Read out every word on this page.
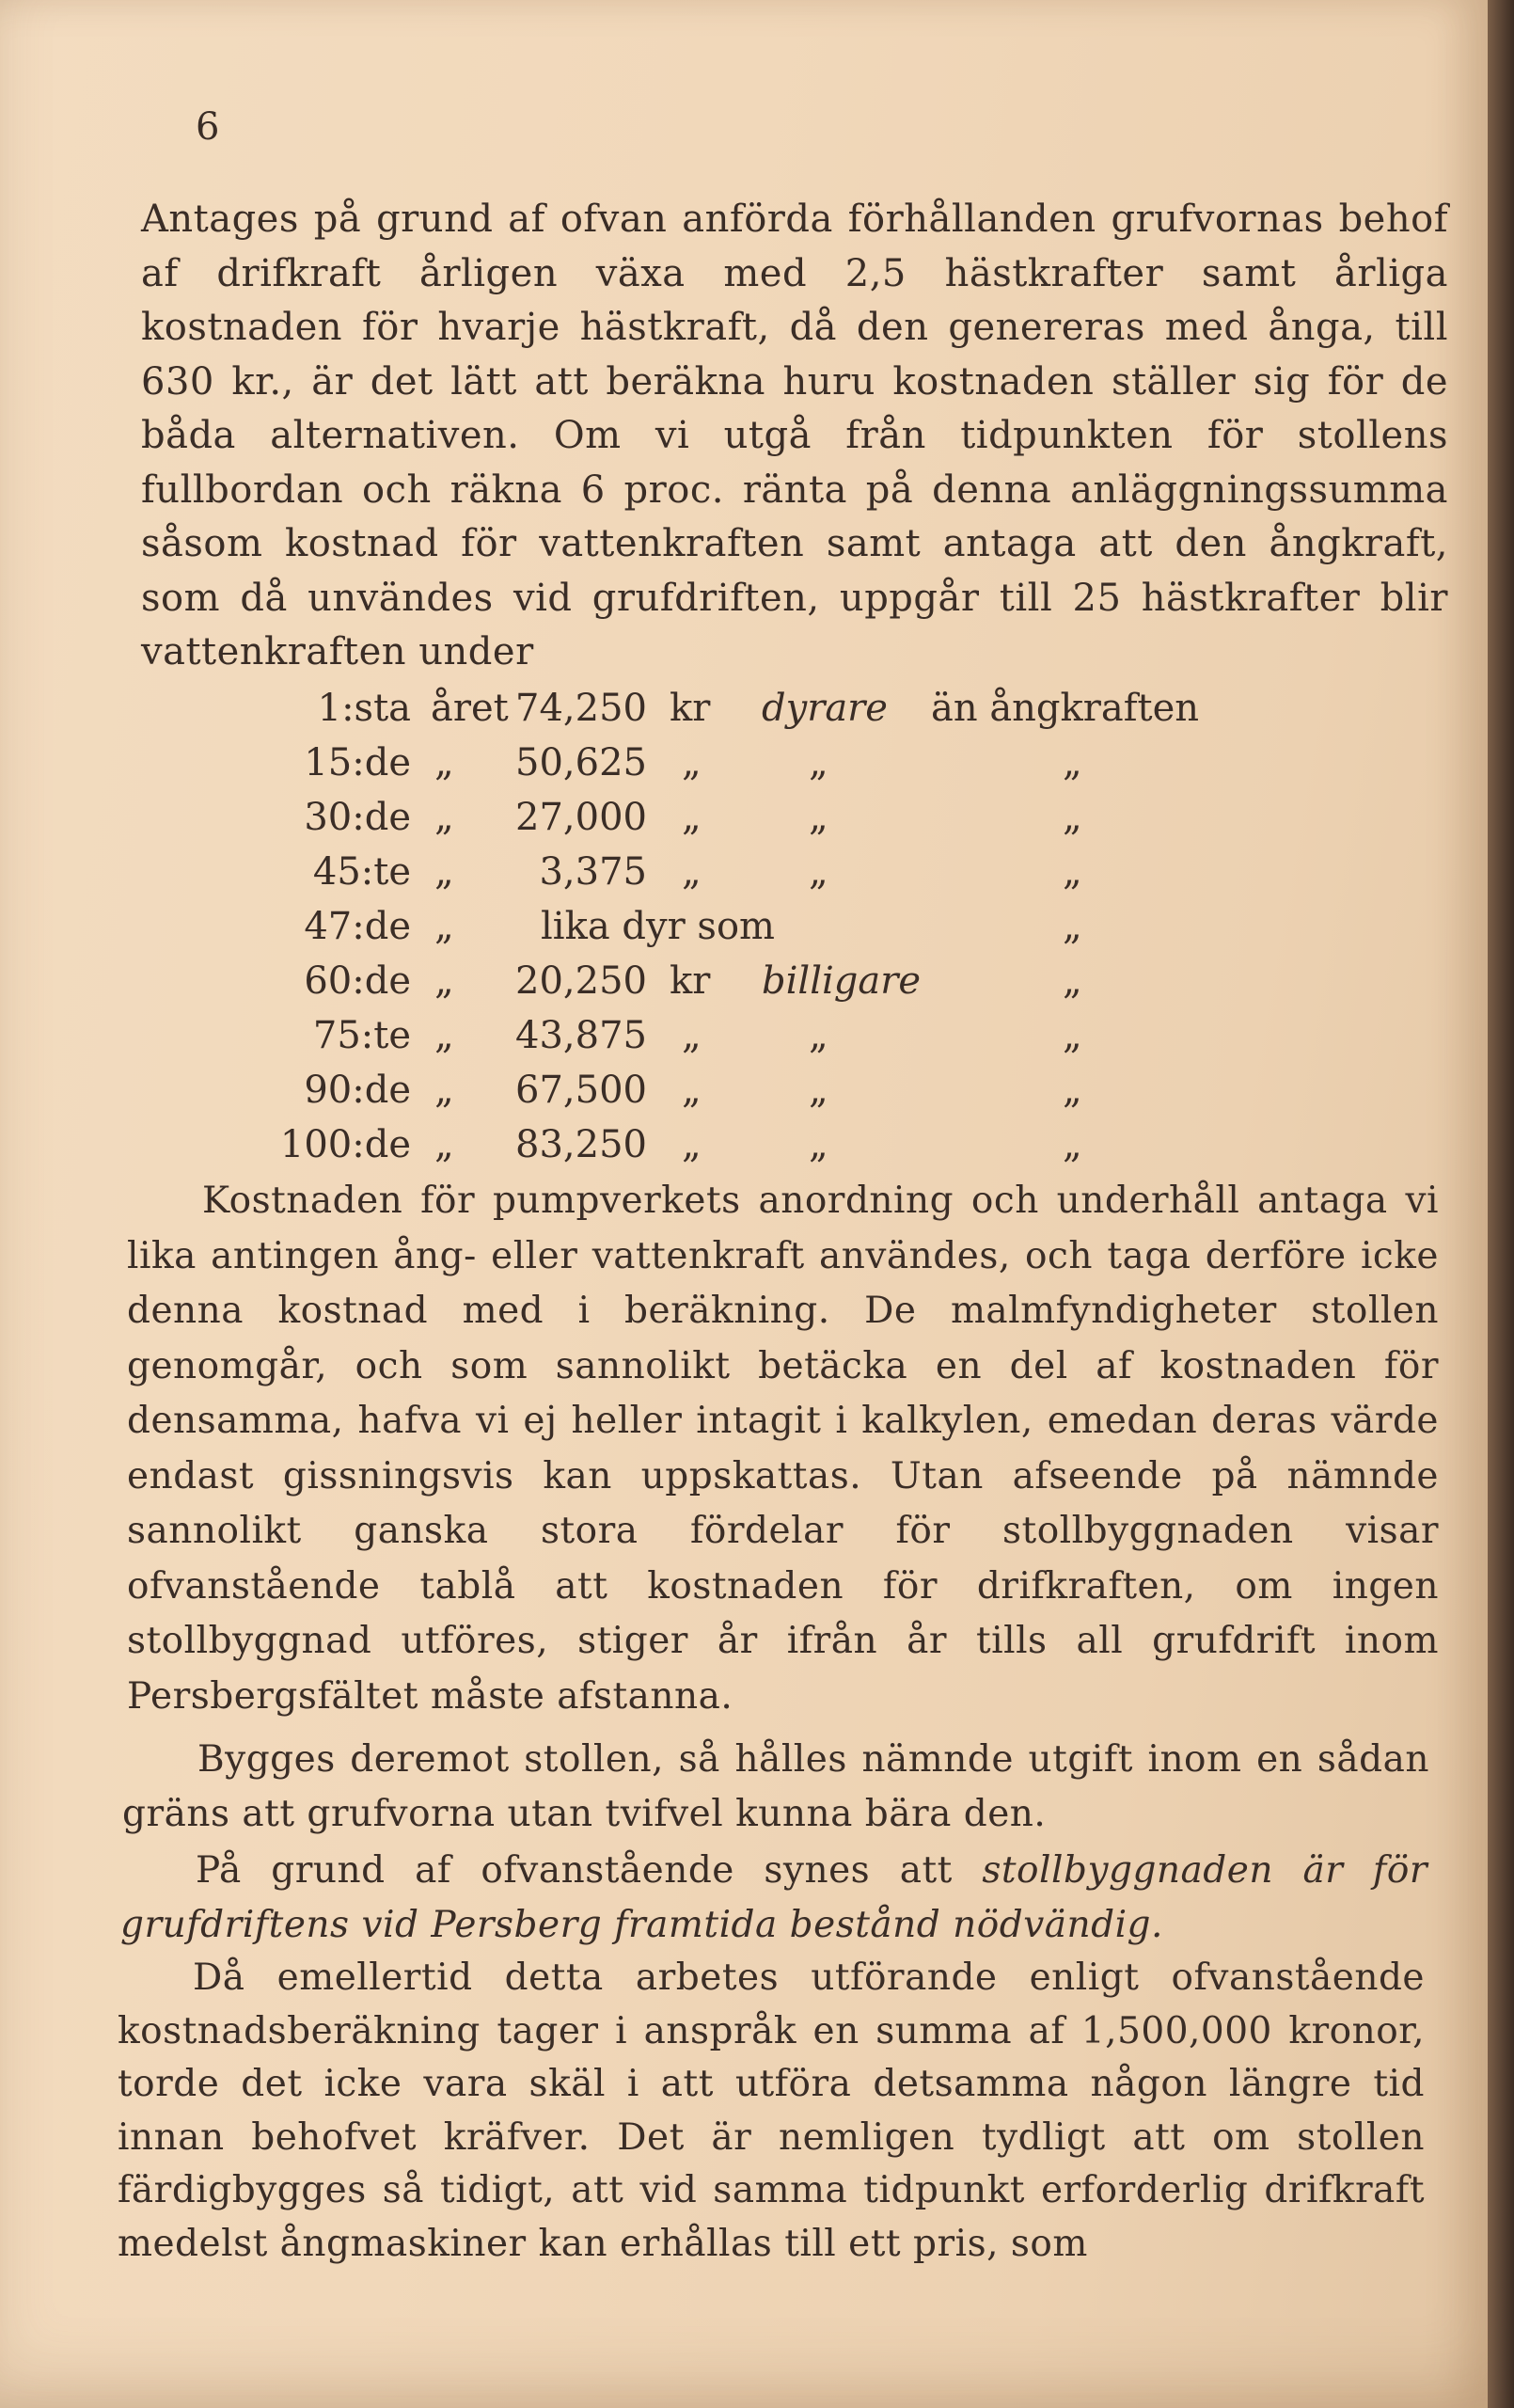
6

Antages på grund af ofvan anförda förhållanden grufvornas behof af drifkraft årligen växa med 2,5 hästkrafter samt årliga kostnaden för hvarje hästkraft, då den genereras med ånga, till 630 kr., är det lätt att beräkna huru kostnaden ställer sig för de båda alternativen. Om vi utgå från tidpunkten för stollens fullbordan och räkna 6 proc. ränta på denna anläggningssumma såsom kostnad för vattenkraften samt antaga att den ångkraft, som då unvändes vid grufdriften, uppgår till 25 hästkrafter blir vattenkraften under

1:sta året 74,250 kr dyrare än ångkraften
15:de „ 50,625 „	„	„
30:de „ 27,000 „	„	„
45:te „ 3,375 „	„	„
47:de „ lika dyr som	„
60:de „ 20,250 kr billigare	„
75:te „ 43,875 „	„	„
90:de „ 67,500 „	„	„
100:de „ 83,250 „	„	„

Kostnaden för pumpverkets anordning och underhåll antaga vi lika antingen ång- eller vattenkraft användes, och taga derföre icke denna kostnad med i beräkning. De malmfyndigheter stollen genomgår, och som sannolikt betäcka en del af kostnaden för densamma, hafva vi ej heller intagit i kalkylen, emedan deras värde endast gissningsvis kan uppskattas. Utan afseende på nämnde sannolikt ganska stora fördelar för stollbyggnaden visar ofvanstående tablå att kostnaden för drifkraften, om ingen stollbyggnad utföres, stiger år ifrån år tills all grufdrift inom Persbergsfältet måste afstanna.

Bygges deremot stollen, så hålles nämnde utgift inom en sådan gräns att grufvorna utan tvifvel kunna bära den.

På grund af ofvanstående synes att stollbyggnaden är för grufdriftens vid Persberg framtida bestånd nödvändig.

Då emellertid detta arbetes utförande enligt ofvanstående kostnadsberäkning tager i anspråk en summa af 1,500,000 kronor, torde det icke vara skäl i att utföra detsamma någon längre tid innan behofvet kräfver. Det är nemligen tydligt att om stollen färdigbygges så tidigt, att vid samma tidpunkt erforderlig drifkraft medelst ångmaskiner kan erhållas till ett pris, som
